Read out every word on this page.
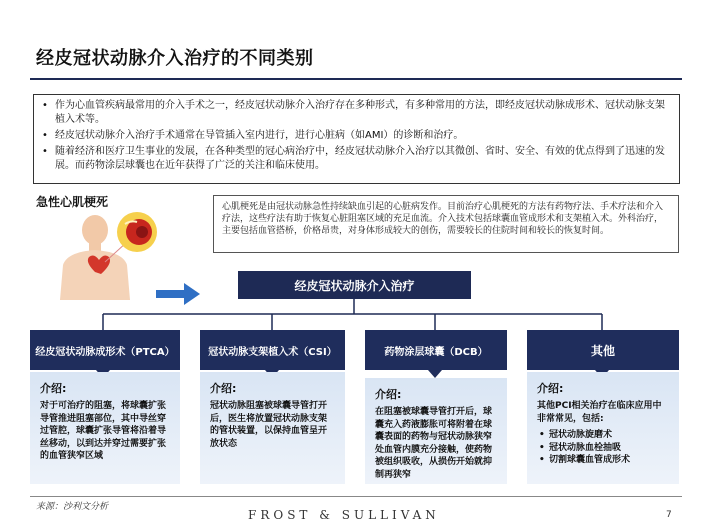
经皮冠状动脉介入治疗的不同类别
• 作为心血管疾病最常用的介入手术之一，经皮冠状动脉介入治疗存在多种形式，有多种常用的方法，即经皮冠状动脉成形术、冠状动脉支架植入术等。
• 经皮冠状动脉介入治疗手术通常在导管插入室内进行，进行心脏病（如AMI）的诊断和治疗。
• 随着经济和医疗卫生事业的发展，在各种类型的冠心病治疗中，经皮冠状动脉介入治疗以其微创、省时、安全、有效的优点得到了迅速的发展。而药物涂层球囊也在近年获得了广泛的关注和临床使用。
急性心肌梗死	心肌梗死是由冠状动脉急性持续缺血引起的心脏病发作。目前治疗心肌梗死的方法有药物疗法、手术疗法和介入疗法，这些疗法有助于恢复心脏阻塞区域的充足血流。介入技术包括球囊血管成形术和支架植入术。外科治疗，主要包括血管搭桥，价格昂贵，对身体形成较大的创伤，需要较长的住院时间和较长的恢复时间。
经皮冠状动脉介入治疗
经皮冠状动脉成形术（PTCA）	冠状动脉支架植入术（CSI）	药物涂层球囊（DCB）	其他
介绍:
对于可治疗的阻塞，将球囊扩张导管推进阻塞部位，其中导丝穿过管腔，球囊扩张导管将沿着导丝移动，以到达并穿过需要扩张的血管狭窄区域
介绍:
冠状动脉阻塞被球囊导管打开后，医生将放置冠状动脉支架的管状装置，以保持血管呈开放状态
介绍:
在阻塞被球囊导管打开后，球囊充入药液膨胀可将附着在球囊表面的药物与冠状动脉狭窄处血管内膜充分接触，使药物被组织吸收，从损伤开始就抑制再狭窄
介绍:
其他PCI相关治疗在临床应用中非常常见，包括:
• 冠状动脉旋磨术
• 冠状动脉血栓抽吸
• 切割球囊血管成形术
来源：沙利文分析
FROST & SULLIVAN	7
